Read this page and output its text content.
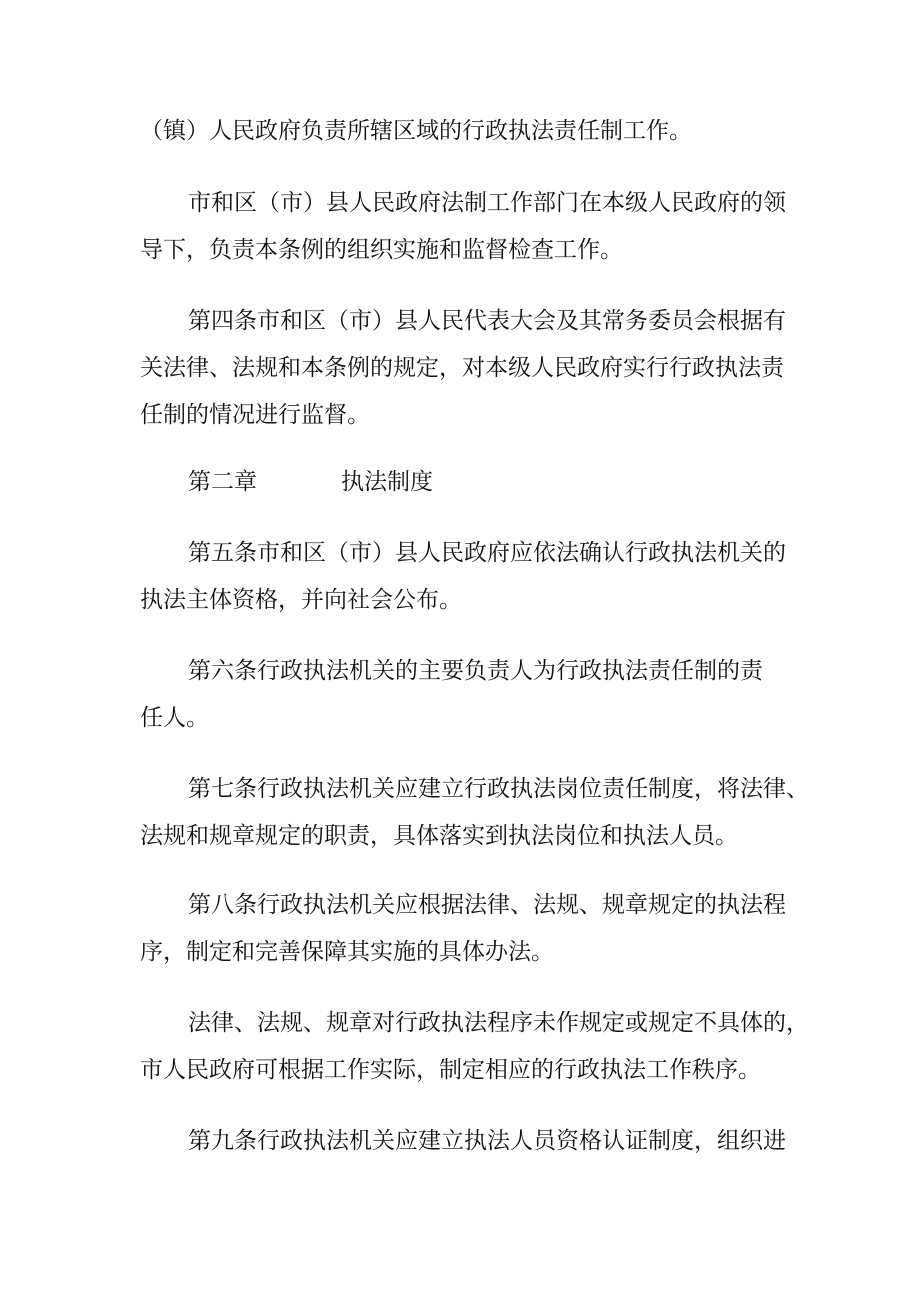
（镇）人民政府负责所辖区域的行政执法责任制工作。
市和区（市）县人民政府法制工作部门在本级人民政府的领
导下，负责本条例的组织实施和监督检查工作。
第四条市和区（市）县人民代表大会及其常务委员会根据有
关法律、法规和本条例的规定，对本级人民政府实行行政执法责
任制的情况进行监督。
第二章	执法制度
第五条市和区（市）县人民政府应依法确认行政执法机关的
执法主体资格，并向社会公布。
第六条行政执法机关的主要负责人为行政执法责任制的责
任人。
第七条行政执法机关应建立行政执法岗位责任制度，将法律、
法规和规章规定的职责，具体落实到执法岗位和执法人员。
第八条行政执法机关应根据法律、法规、规章规定的执法程
序，制定和完善保障其实施的具体办法。
法律、法规、规章对行政执法程序未作规定或规定不具体的，
市人民政府可根据工作实际，制定相应的行政执法工作秩序。
第九条行政执法机关应建立执法人员资格认证制度，组织进
